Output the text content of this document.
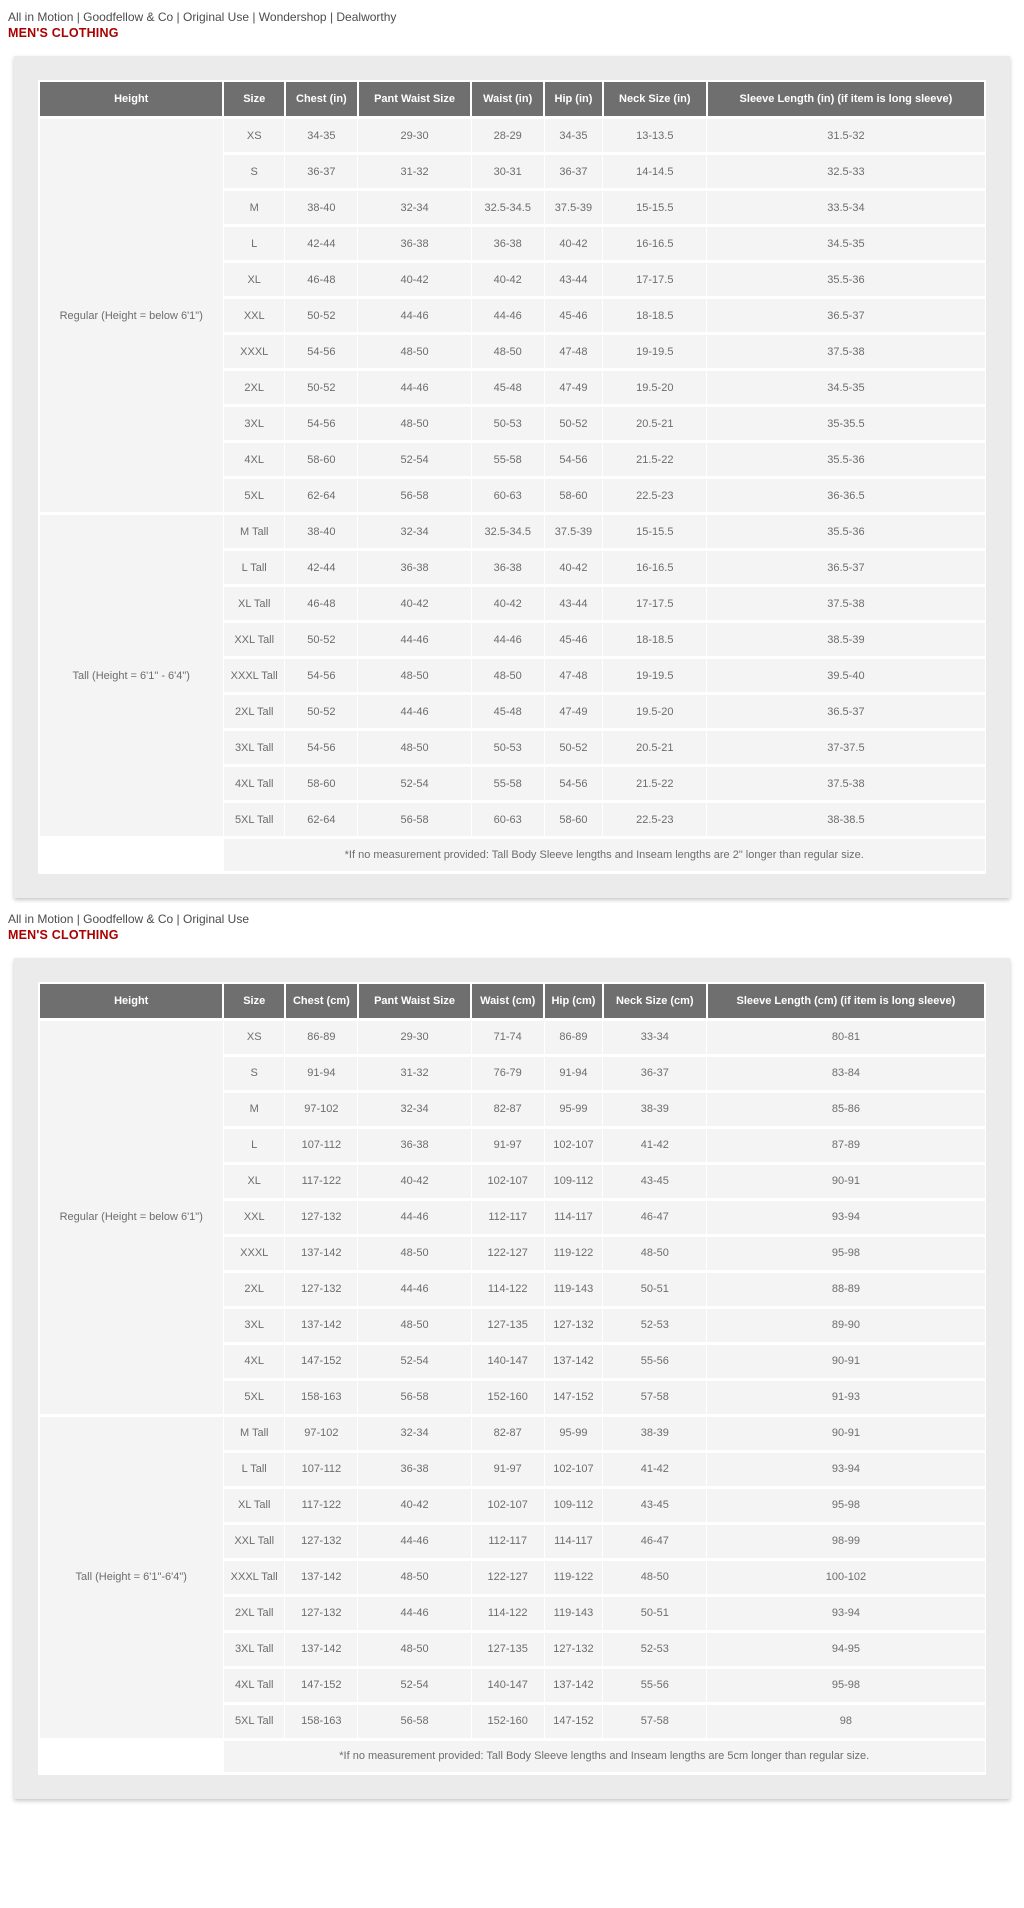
All in Motion | Goodfellow & Co | Original Use | Wondershop | Dealworthy
MEN'S CLOTHING
Height	Size	Chest (in)	Pant Waist Size	Waist (in)	Hip (in)	Neck Size (in)	Sleeve Length (in) (if item is long sleeve)
Regular (Height = below 6'1")	XS	34-35	29-30	28-29	34-35	13-13.5	31.5-32
	S	36-37	31-32	30-31	36-37	14-14.5	32.5-33
	M	38-40	32-34	32.5-34.5	37.5-39	15-15.5	33.5-34
	L	42-44	36-38	36-38	40-42	16-16.5	34.5-35
	XL	46-48	40-42	40-42	43-44	17-17.5	35.5-36
	XXL	50-52	44-46	44-46	45-46	18-18.5	36.5-37
	XXXL	54-56	48-50	48-50	47-48	19-19.5	37.5-38
	2XL	50-52	44-46	45-48	47-49	19.5-20	34.5-35
	3XL	54-56	48-50	50-53	50-52	20.5-21	35-35.5
	4XL	58-60	52-54	55-58	54-56	21.5-22	35.5-36
	5XL	62-64	56-58	60-63	58-60	22.5-23	36-36.5
Tall (Height = 6'1" - 6'4")	M Tall	38-40	32-34	32.5-34.5	37.5-39	15-15.5	35.5-36
	L Tall	42-44	36-38	36-38	40-42	16-16.5	36.5-37
	XL Tall	46-48	40-42	40-42	43-44	17-17.5	37.5-38
	XXL Tall	50-52	44-46	44-46	45-46	18-18.5	38.5-39
	XXXL Tall	54-56	48-50	48-50	47-48	19-19.5	39.5-40
	2XL Tall	50-52	44-46	45-48	47-49	19.5-20	36.5-37
	3XL Tall	54-56	48-50	50-53	50-52	20.5-21	37-37.5
	4XL Tall	58-60	52-54	55-58	54-56	21.5-22	37.5-38
	5XL Tall	62-64	56-58	60-63	58-60	22.5-23	38-38.5
	*If no measurement provided: Tall Body Sleeve lengths and Inseam lengths are 2" longer than regular size.						
All in Motion | Goodfellow & Co | Original Use
MEN'S CLOTHING
Height	Size	Chest (cm)	Pant Waist Size	Waist (cm)	Hip (cm)	Neck Size (cm)	Sleeve Length (cm) (if item is long sleeve)
Regular (Height = below 6'1")	XS	86-89	29-30	71-74	86-89	33-34	80-81
	S	91-94	31-32	76-79	91-94	36-37	83-84
	M	97-102	32-34	82-87	95-99	38-39	85-86
	L	107-112	36-38	91-97	102-107	41-42	87-89
	XL	117-122	40-42	102-107	109-112	43-45	90-91
	XXL	127-132	44-46	112-117	114-117	46-47	93-94
	XXXL	137-142	48-50	122-127	119-122	48-50	95-98
	2XL	127-132	44-46	114-122	119-143	50-51	88-89
	3XL	137-142	48-50	127-135	127-132	52-53	89-90
	4XL	147-152	52-54	140-147	137-142	55-56	90-91
	5XL	158-163	56-58	152-160	147-152	57-58	91-93
Tall (Height = 6'1"-6'4")	M Tall	97-102	32-34	82-87	95-99	38-39	90-91
	L Tall	107-112	36-38	91-97	102-107	41-42	93-94
	XL Tall	117-122	40-42	102-107	109-112	43-45	95-98
	XXL Tall	127-132	44-46	112-117	114-117	46-47	98-99
	XXXL Tall	137-142	48-50	122-127	119-122	48-50	100-102
	2XL Tall	127-132	44-46	114-122	119-143	50-51	93-94
	3XL Tall	137-142	48-50	127-135	127-132	52-53	94-95
	4XL Tall	147-152	52-54	140-147	137-142	55-56	95-98
	5XL Tall	158-163	56-58	152-160	147-152	57-58	98
	*If no measurement provided: Tall Body Sleeve lengths and Inseam lengths are 5cm longer than regular size.						
